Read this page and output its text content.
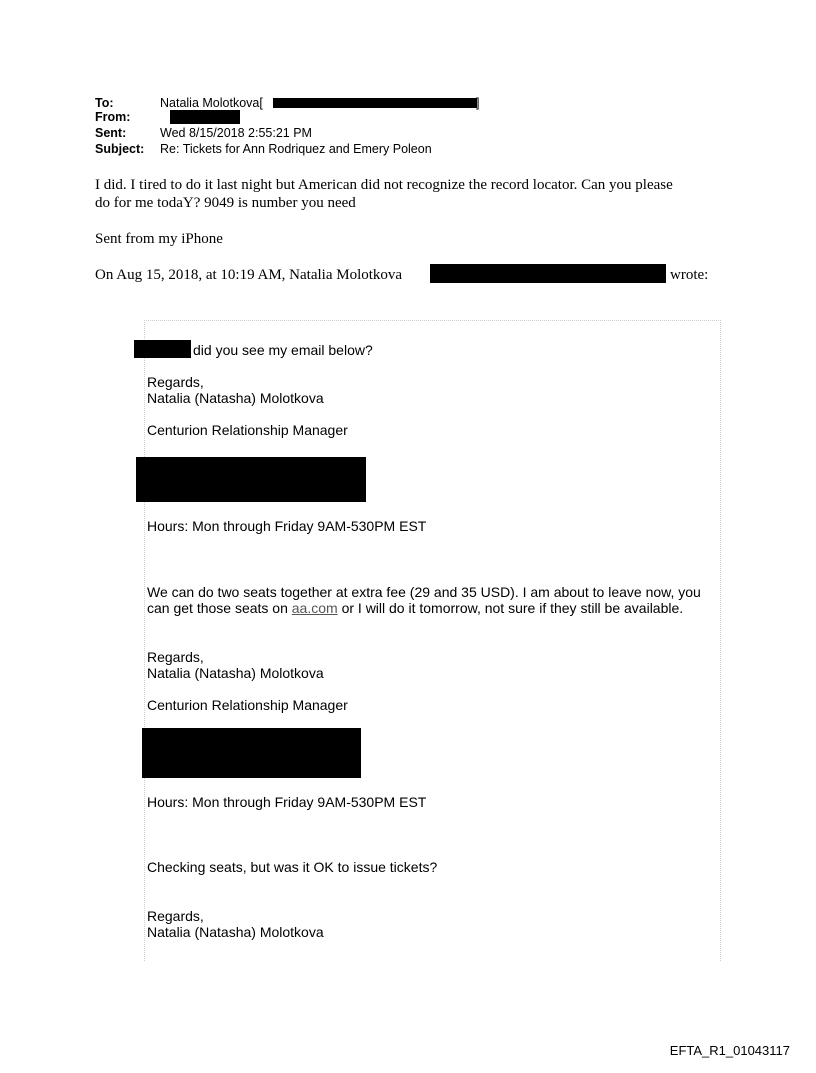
To:	Natalia Molotkova[	]
From:
Sent:	Wed 8/15/2018 2:55:21 PM
Subject: Re: Tickets for Ann Rodriquez and Emery Poleon
I did. I tired to do it last night but American did not recognize the record locator. Can you please
do for me todaY? 9049 is number you need
Sent from my iPhone
On Aug 15, 2018, at 10:19 AM, Natalia Molotkova	wrote:
did you see my email below?
Regards,
Natalia (Natasha) Molotkova
Centurion Relationship Manager
Hours: Mon through Friday 9AM-530PM EST
We can do two seats together at extra fee (29 and 35 USD). I am about to leave now, you
can get those seats on aa.com or I will do it tomorrow, not sure if they still be available.
Regards,
Natalia (Natasha) Molotkova
Centurion Relationship Manager
Hours: Mon through Friday 9AM-530PM EST
Checking seats, but was it OK to issue tickets?
Regards,
Natalia (Natasha) Molotkova
EFTA_R1_01043117
